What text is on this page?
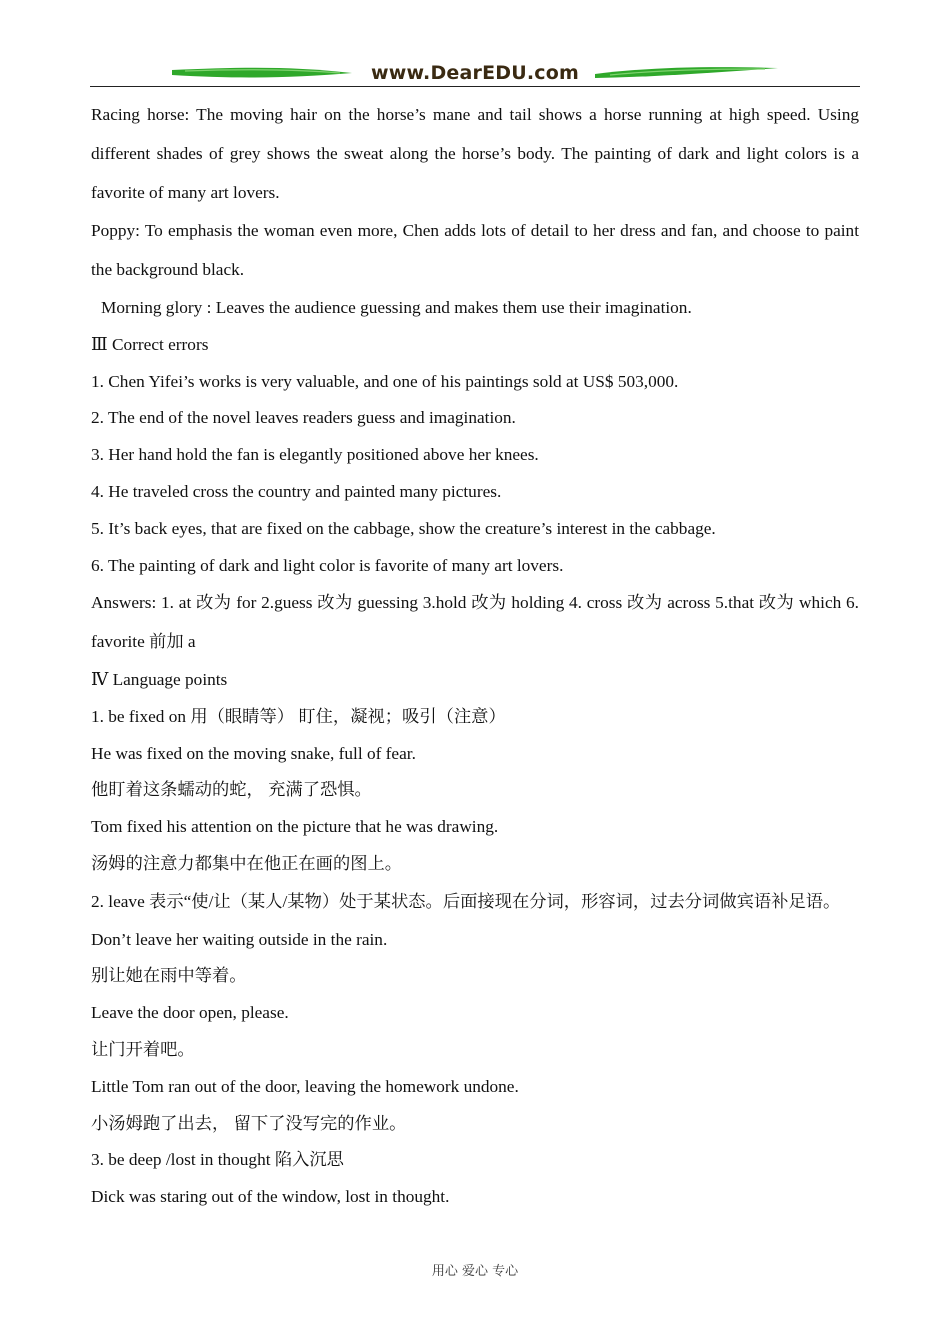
www.DearEDU.com

Racing horse: The moving hair on the horse’s mane and tail shows a horse running at high speed. Using different shades of grey shows the sweat along the horse’s body. The painting of dark and light colors is a favorite of many art lovers.

Poppy: To emphasis the woman even more, Chen adds lots of detail to her dress and fan, and choose to paint the background black.

Morning glory : Leaves the audience guessing and makes them use their imagination.

Ⅲ Correct errors

1. Chen Yifei’s works is very valuable, and one of his paintings sold at US$ 503,000.

2. The end of the novel leaves readers guess and imagination.

3. Her hand hold the fan is elegantly positioned above her knees.

4. He traveled cross the country and painted many pictures.

5. It’s back eyes, that are fixed on the cabbage, show the creature’s interest in the cabbage.

6. The painting of dark and light color is favorite of many art lovers.

Answers: 1. at 改为 for 2.guess 改为 guessing 3.hold 改为 holding 4. cross 改为 across 5.that 改为 which 6. favorite 前加 a

Ⅳ Language points

1. be fixed on 用（眼睛等） 盯住，凝视；吸引（注意）

He was fixed on the moving snake, full of fear.

他盯着这条蠕动的蛇， 充满了恐惧。

Tom fixed his attention on the picture that he was drawing.

汤姆的注意力都集中在他正在画的图上。

2. leave 表示“使/让（某人/某物）处于某状态。后面接现在分词，形容词，过去分词做宾语补足语。

Don’t leave her waiting outside in the rain.

别让她在雨中等着。

Leave the door open, please.

让门开着吧。

Little Tom ran out of the door, leaving the homework undone.

小汤姆跑了出去， 留下了没写完的作业。

3. be deep /lost in thought 陷入沉思

Dick was staring out of the window, lost in thought.

用心 爱心 专心
